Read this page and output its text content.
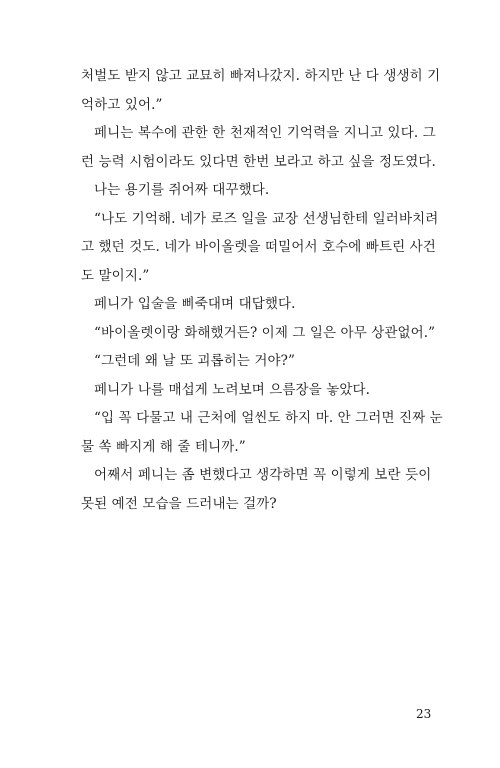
처벌도 받지 않고 교묘히 빠져나갔지. 하지만 난 다 생생히 기
억하고 있어.”
페니는 복수에 관한 한 천재적인 기억력을 지니고 있다. 그
런 능력 시험이라도 있다면 한번 보라고 하고 싶을 정도였다.
나는 용기를 쥐어짜 대꾸했다.
“나도 기억해. 네가 로즈 일을 교장 선생님한테 일러바치려
고 했던 것도. 네가 바이올렛을 떠밀어서 호수에 빠트린 사건
도 말이지.”
페니가 입술을 삐죽대며 대답했다.
“바이올렛이랑 화해했거든? 이제 그 일은 아무 상관없어.”
“그런데 왜 날 또 괴롭히는 거야?”
페니가 나를 매섭게 노려보며 으름장을 놓았다.
“입 꼭 다물고 내 근처에 얼씬도 하지 마. 안 그러면 진짜 눈
물 쏙 빠지게 해 줄 테니까.”
어째서 페니는 좀 변했다고 생각하면 꼭 이렇게 보란 듯이
못된 예전 모습을 드러내는 걸까?
23
